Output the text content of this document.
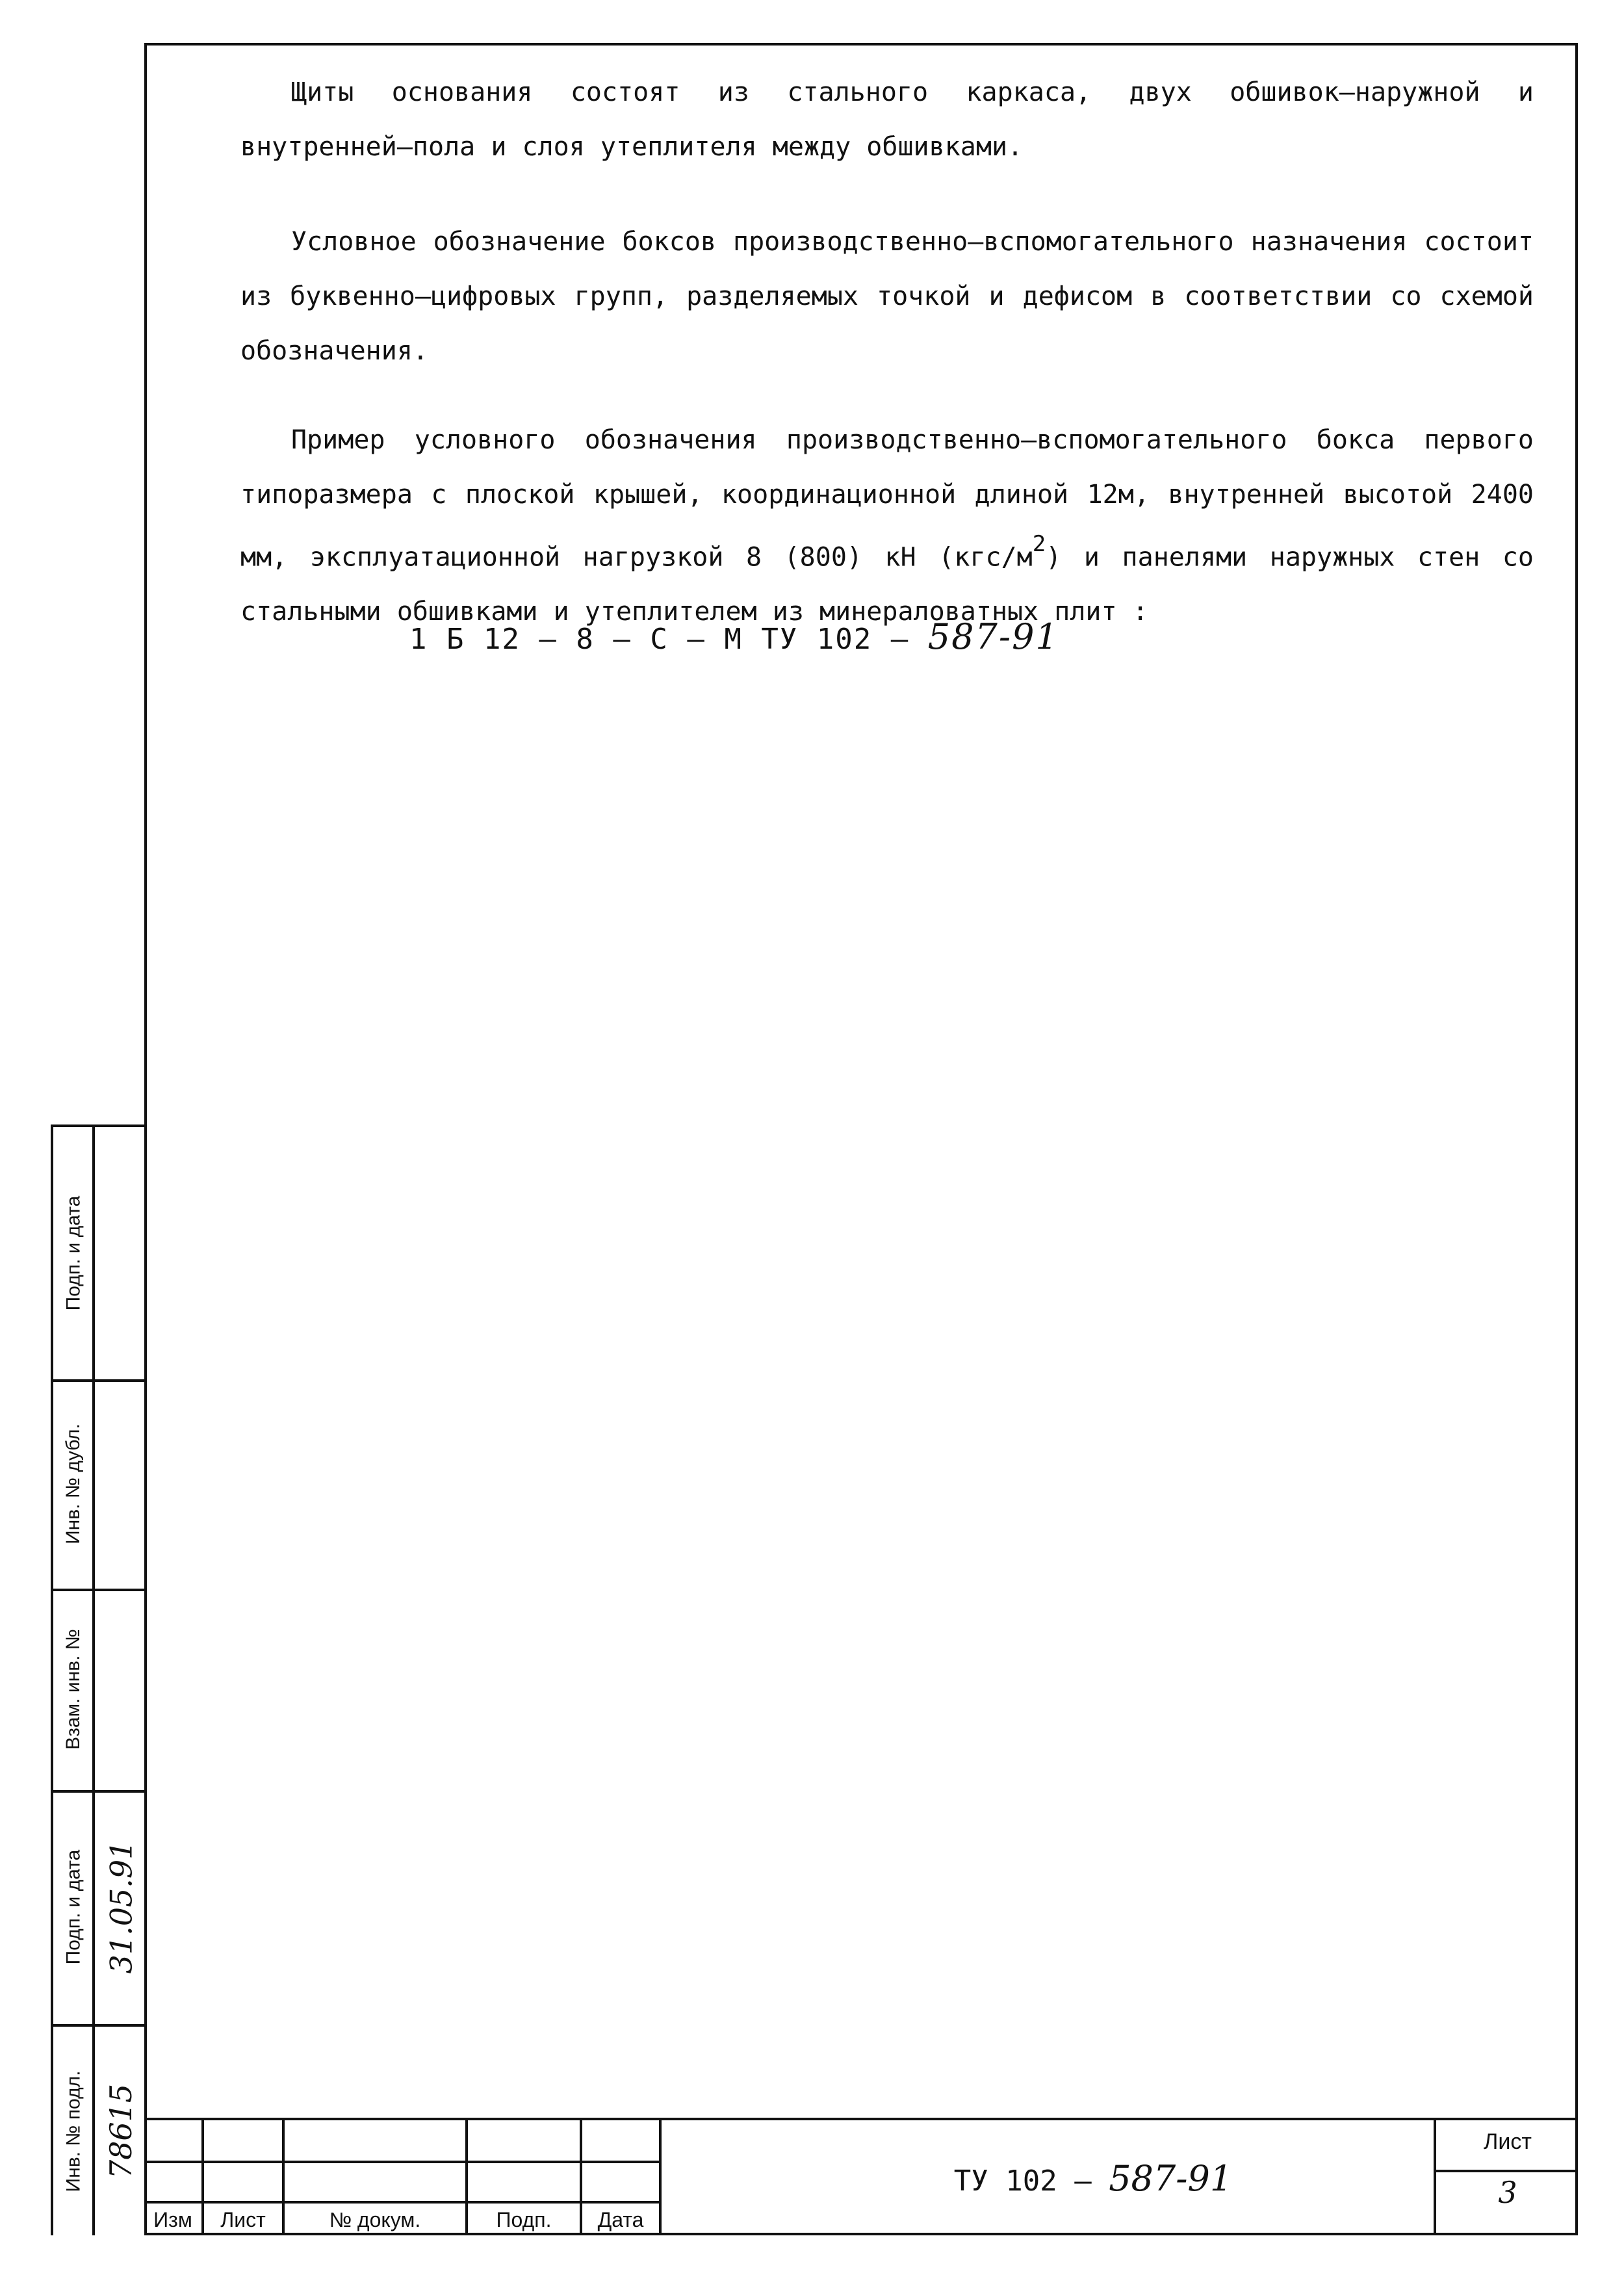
Щиты основания состоят из стального каркаса, двух обшивок–наружной и внутренней–пола и слоя утеплителя между обшивками.

Условное обозначение боксов производственно–вспомогательного назначения состоит из буквенно–цифровых групп, разделяемых точкой и дефисом в соответствии со схемой обозначения.

Пример условного обозначения производственно–вспомогательного бокса первого типоразмера с плоской крышей, координационной длиной 12м, внутренней высотой 2400 мм, эксплуатационной нагрузкой 8 (800) кН $(кгс/м^2)$ и панелями наружных стен со стальными обшивками и утеплителем из минераловатных плит :

1 Б 12 – 8 – С – М ТУ 102 – 587-91
Подп. и дата
Инв. № дубл.
Взам. инв. №
Подп. и дата
Инв. № подл.
31.05.91
78615
Изм	Лист	№ докум.	Подп.	Дата
ТУ 102 – 587-91
Лист
3
